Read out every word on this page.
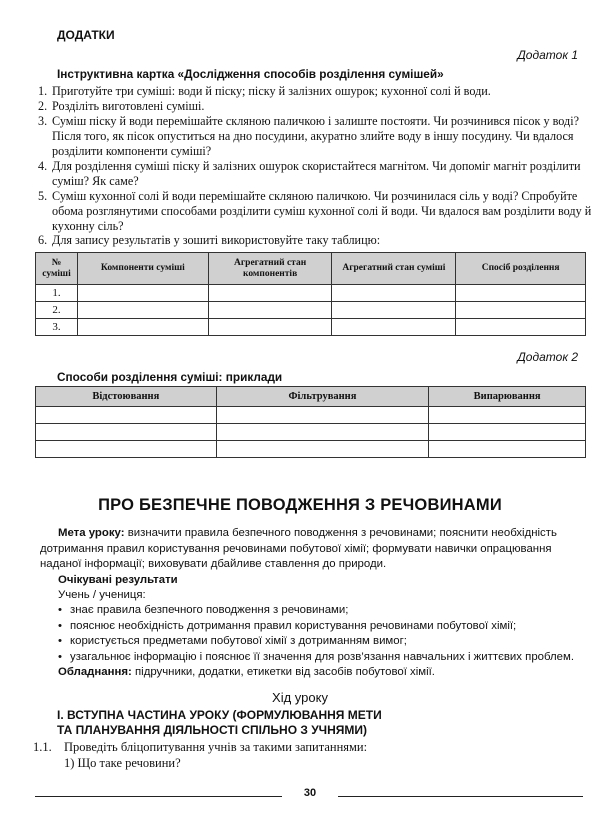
ДОДАТКИ
Додаток 1
Інструктивна картка «Дослідження способів розділення сумішей»
1. Приготуйте три суміші: води й піску; піску й залізних ошурок; кухонної солі й води.
2. Розділіть виготовлені суміші.
3. Суміш піску й води перемішайте скляною паличкою і залиште постояти. Чи розчинився пісок у воді? Після того, як пісок опуститься на дно посудини, акуратно злийте воду в іншу посудину. Чи вдалося розділити компоненти суміші?
4. Для розділення суміші піску й залізних ошурок скористайтеся магнітом. Чи допоміг магніт розділити суміш? Як саме?
5. Суміш кухонної солі й води перемішайте скляною паличкою. Чи розчинилася сіль у воді? Спробуйте обома розглянутими способами розділити суміш кухонної солі й води. Чи вдалося вам розділити воду й кухонну сіль?
6. Для запису результатів у зошиті використовуйте таку таблицю:
№ суміші	Компоненти суміші	Агрегатний стан компонентів	Агрегатний стан суміші	Спосіб розділення
1.				
2.				
3.				
Додаток 2
Способи розділення суміші: приклади
Відстоювання	Фільтрування	Випарювання

ПРО БЕЗПЕЧНЕ ПОВОДЖЕННЯ З РЕЧОВИНАМИ
Мета уроку: визначити правила безпечного поводження з речовинами; пояснити необхідність дотримання правил користування речовинами побутової хімії; формувати навички опрацювання наданої інформації; виховувати дбайливе ставлення до природи.
Очікувані результати
Учень / учениця:
• знає правила безпечного поводження з речовинами;
• пояснює необхідність дотримання правил користування речовинами побутової хімії;
• користується предметами побутової хімії з дотриманням вимог;
• узагальнює інформацію і пояснює її значення для розв’язання навчальних і життєвих проблем.
Обладнання: підручники, додатки, етикетки від засобів побутової хімії.
Хід уроку
I. ВСТУПНА ЧАСТИНА УРОКУ (ФОРМУЛЮВАННЯ МЕТИ
ТА ПЛАНУВАННЯ ДІЯЛЬНОСТІ СПІЛЬНО З УЧНЯМИ)
1.1. Проведіть бліцопитування учнів за такими запитаннями:
1) Що таке речовини?
30
